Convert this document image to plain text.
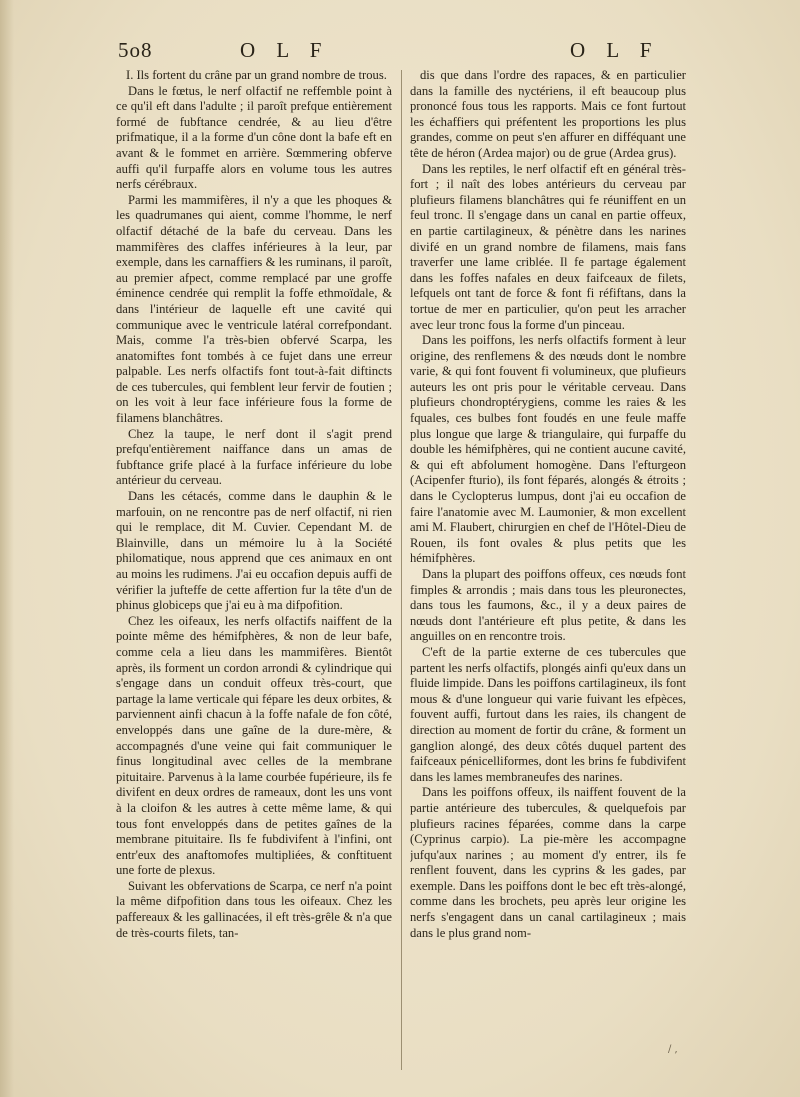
5o8	O L F	O L F

I. Ils fortent du crâne par un grand nombre de trous.

Dans le fœtus, le nerf olfactif ne reffemble point à ce qu'il eft dans l'adulte ; il paroît prefque entièrement formé de fubftance cendrée, & au lieu d'être prifmatique, il a la forme d'un cône dont la bafe eft en avant & le fommet en arrière. Sœmmering obferve auffi qu'il furpaffe alors en volume tous les autres nerfs cérébraux.

Parmi les mammifères, il n'y a que les phoques & les quadrumanes qui aient, comme l'homme, le nerf olfactif détaché de la bafe du cerveau. Dans les mammifères des claffes inférieures à la leur, par exemple, dans les carnaffiers & les ruminans, il paroît, au premier afpect, comme remplacé par une groffe éminence cendrée qui remplit la foffe ethmoïdale, & dans l'intérieur de laquelle eft une cavité qui communique avec le ventricule latéral correfpondant. Mais, comme l'a très-bien obfervé Scarpa, les anatomiftes font tombés à ce fujet dans une erreur palpable. Les nerfs olfactifs font tout-à-fait diftincts de ces tubercules, qui femblent leur fervir de foutien ; on les voit à leur face inférieure fous la forme de filamens blanchâtres.

Chez la taupe, le nerf dont il s'agit prend prefqu'entièrement naiffance dans un amas de fubftance grife placé à la furface inférieure du lobe antérieur du cerveau.

Dans les cétacés, comme dans le dauphin & le marfouin, on ne rencontre pas de nerf olfactif, ni rien qui le remplace, dit M. Cuvier. Cependant M. de Blainville, dans un mémoire lu à la Société philomatique, nous apprend que ces animaux en ont au moins les rudimens. J'ai eu occafion depuis auffi de vérifier la jufteffe de cette affertion fur la tête d'un de phinus globiceps que j'ai eu à ma difpofition.

Chez les oifeaux, les nerfs olfactifs naiffent de la pointe même des hémifphères, & non de leur bafe, comme cela a lieu dans les mammifères. Bientôt après, ils forment un cordon arrondi & cylindrique qui s'engage dans un conduit offeux très-court, que partage la lame verticale qui fépare les deux orbites, & parviennent ainfi chacun à la foffe nafale de fon côté, enveloppés dans une gaîne de la dure-mère, & accompagnés d'une veine qui fait communiquer le finus longitudinal avec celles de la membrane pituitaire. Parvenus à la lame courbée fupérieure, ils fe divifent en deux ordres de rameaux, dont les uns vont à la cloifon & les autres à cette même lame, & qui tous font enveloppés dans de petites gaînes de la membrane pituitaire. Ils fe fubdivifent à l'infini, ont entr'eux des anaftomofes multipliées, & conftituent une forte de plexus.

Suivant les obfervations de Scarpa, ce nerf n'a point la même difpofition dans tous les oifeaux. Chez les paffereaux & les gallinacées, il eft très-grêle & n'a que de très-courts filets, tan-

dis que dans l'ordre des rapaces, & en particulier dans la famille des nyctériens, il eft beaucoup plus prononcé fous tous les rapports. Mais ce font furtout les échaffiers qui préfentent les proportions les plus grandes, comme on peut s'en affurer en difféquant une tête de héron (Ardea major) ou de grue (Ardea grus).

Dans les reptiles, le nerf olfactif eft en général très-fort ; il naît des lobes antérieurs du cerveau par plufieurs filamens blanchâtres qui fe réuniffent en un feul tronc. Il s'engage dans un canal en partie offeux, en partie cartilagineux, & pénètre dans les narines divifé en un grand nombre de filamens, mais fans traverfer une lame criblée. Il fe partage également dans les foffes nafales en deux faifceaux de filets, lefquels ont tant de force & font fi réfiftans, dans la tortue de mer en particulier, qu'on peut les arracher avec leur tronc fous la forme d'un pinceau.

Dans les poiffons, les nerfs olfactifs forment à leur origine, des renflemens & des nœuds dont le nombre varie, & qui font fouvent fi volumineux, que plufieurs auteurs les ont pris pour le véritable cerveau. Dans plufieurs chondroptérygiens, comme les raies & les fquales, ces bulbes font foudés en une feule maffe plus longue que large & triangulaire, qui furpaffe du double les hémifphères, qui ne contient aucune cavité, & qui eft abfolument homogène. Dans l'efturgeon (Acipenfer fturio), ils font féparés, alongés & étroits ; dans le Cyclopterus lumpus, dont j'ai eu occafion de faire l'anatomie avec M. Laumonier, & mon excellent ami M. Flaubert, chirurgien en chef de l'Hôtel-Dieu de Rouen, ils font ovales & plus petits que les hémifphères.

Dans la plupart des poiffons offeux, ces nœuds font fimples & arrondis ; mais dans tous les pleuronectes, dans tous les faumons, &c., il y a deux paires de nœuds dont l'antérieure eft plus petite, & dans les anguilles on en rencontre trois.

C'eft de la partie externe de ces tubercules que partent les nerfs olfactifs, plongés ainfi qu'eux dans un fluide limpide. Dans les poiffons cartilagineux, ils font mous & d'une longueur qui varie fuivant les efpèces, fouvent auffi, furtout dans les raies, ils changent de direction au moment de fortir du crâne, & forment un ganglion alongé, des deux côtés duquel partent des faifceaux pénicelliformes, dont les brins fe fubdivifent dans les lames membraneufes des narines.

Dans les poiffons offeux, ils naiffent fouvent de la partie antérieure des tubercules, & quelquefois par plufieurs racines féparées, comme dans la carpe (Cyprinus carpio). La pie-mère les accompagne jufqu'aux narines ; au moment d'y entrer, ils fe renflent fouvent, dans les cyprins & les gades, par exemple. Dans les poiffons dont le bec eft très-alongé, comme dans les brochets, peu après leur origine les nerfs s'engagent dans un canal cartilagineux ; mais dans le plus grand nom-

/ ,
